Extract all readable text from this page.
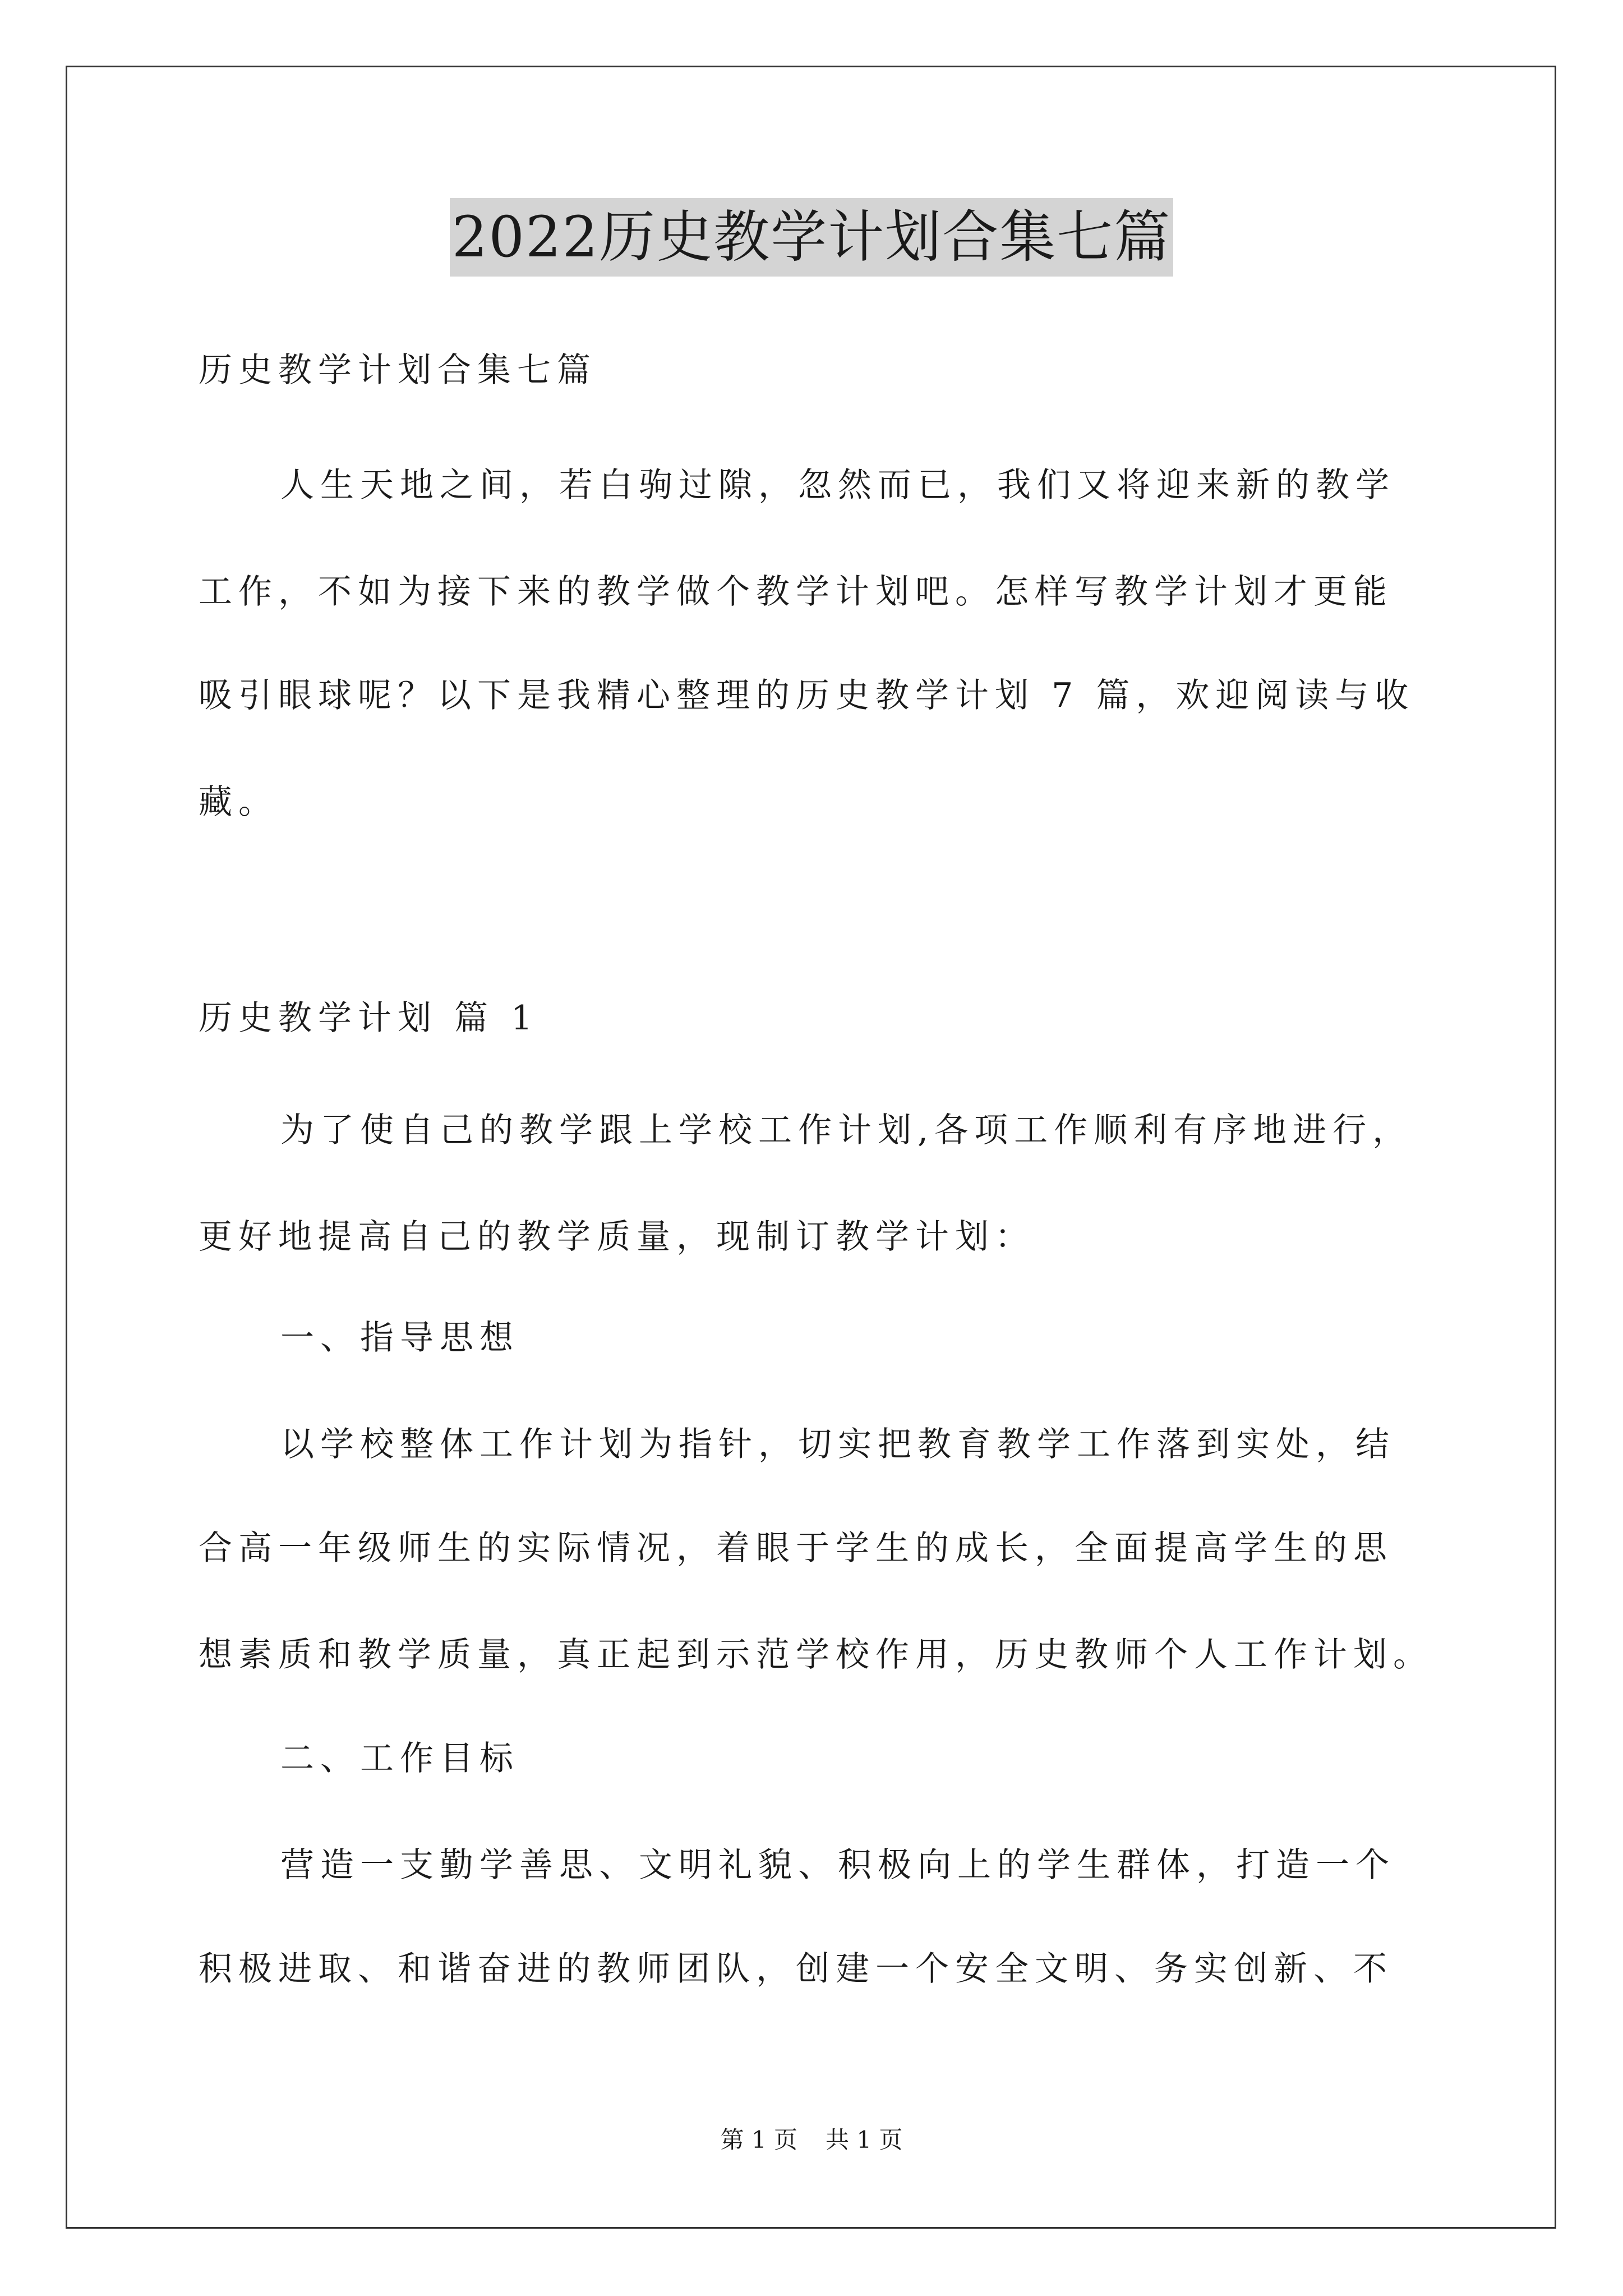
2022历史教学计划合集七篇
历史教学计划合集七篇
人生天地之间，若白驹过隙，忽然而已，我们又将迎来新的教学
工作，不如为接下来的教学做个教学计划吧。怎样写教学计划才更能
吸引眼球呢？以下是我精心整理的历史教学计划 7 篇，欢迎阅读与收
藏。
历史教学计划 篇 1
为了使自己的教学跟上学校工作计划,各项工作顺利有序地进行，
更好地提高自己的教学质量，现制订教学计划：
一、指导思想
以学校整体工作计划为指针，切实把教育教学工作落到实处，结
合高一年级师生的实际情况，着眼于学生的成长，全面提高学生的思
想素质和教学质量，真正起到示范学校作用，历史教师个人工作计划。
二、工作目标
营造一支勤学善思、文明礼貌、积极向上的学生群体，打造一个
积极进取、和谐奋进的教师团队，创建一个安全文明、务实创新、不
第 1 页 共 1 页
